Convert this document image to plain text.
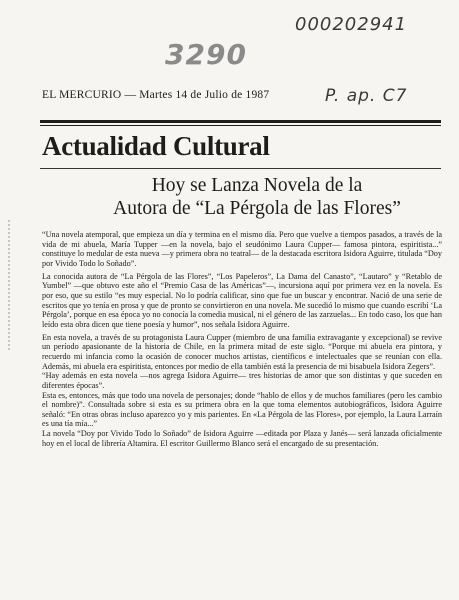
000202941
3290
P. ap. C7
EL MERCURIO — Martes 14 de Julio de 1987
Actualidad Cultural
Hoy se Lanza Novela de la
Autora de “La Pérgola de las Flores”

“Una novela atemporal, que empieza un día y termina en el mismo día. Pero que vuelve a tiempos pasados, a través de la vida de mi abuela, María Tupper —en la novela, bajo el seudónimo Laura Cupper— famosa pintora, espiritista...” constituye lo medular de esta nueva —y primera obra no teatral— de la destacada escritora Isidora Aguirre, titulada “Doy por Vivido Todo lo Soñado”.

La conocida autora de “La Pérgola de las Flores”, “Los Papeleros”, La Dama del Canasto”, “Lautaro” y “Retablo de Yumbel” —que obtuvo este año el “Premio Casa de las Américas”—, incursiona aquí por primera vez en la novela. Es por eso, que su estilo “es muy especial. No lo podría calificar, sino que fue un buscar y encontrar. Nació de una serie de escritos que yo tenía en prosa y que de pronto se convirtieron en una novela. Me sucedió lo mismo que cuando escribí ‘La Pérgola’, porque en esa época yo no conocía la comedia musical, ni el género de las zarzuelas... En todo caso, los que han leído esta obra dicen que tiene poesía y humor”, nos señala Isidora Aguirre.

En esta novela, a través de su protagonista Laura Cupper (miembro de una familia extravagante y excepcional) se revive un período apasionante de la historia de Chile, en la primera mitad de este siglo. “Porque mi abuela era pintora, y recuerdo mi infancia como la ocasión de conocer muchos artistas, científicos e intelectuales que se reunían con ella. Además, mi abuela era espiritista, entonces por medio de ella también está la presencia de mi bisabuela Isidora Zegers”.

“Hay además en esta novela —nos agrega Isidora Aguirre— tres historias de amor que son distintas y que suceden en diferentes épocas”.

Esta es, entonces, más que todo una novela de personajes; donde “hablo de ellos y de muchos familiares (pero les cambio el nombre)”. Consultada sobre si esta es su primera obra en la que toma elementos autobiográficos, Isidora Aguirre señaló: “En otras obras incluso aparezco yo y mis parientes. En «La Pérgola de las Flores», por ejemplo, la Laura Larraín es una tía mía...”

La novela “Doy por Vivido Todo lo Soñado” de Isidora Aguirre —editada por Plaza y Janés— será lanzada oficialmente hoy en el local de librería Altamira. El escritor Guillermo Blanco será el encargado de su presentación.
